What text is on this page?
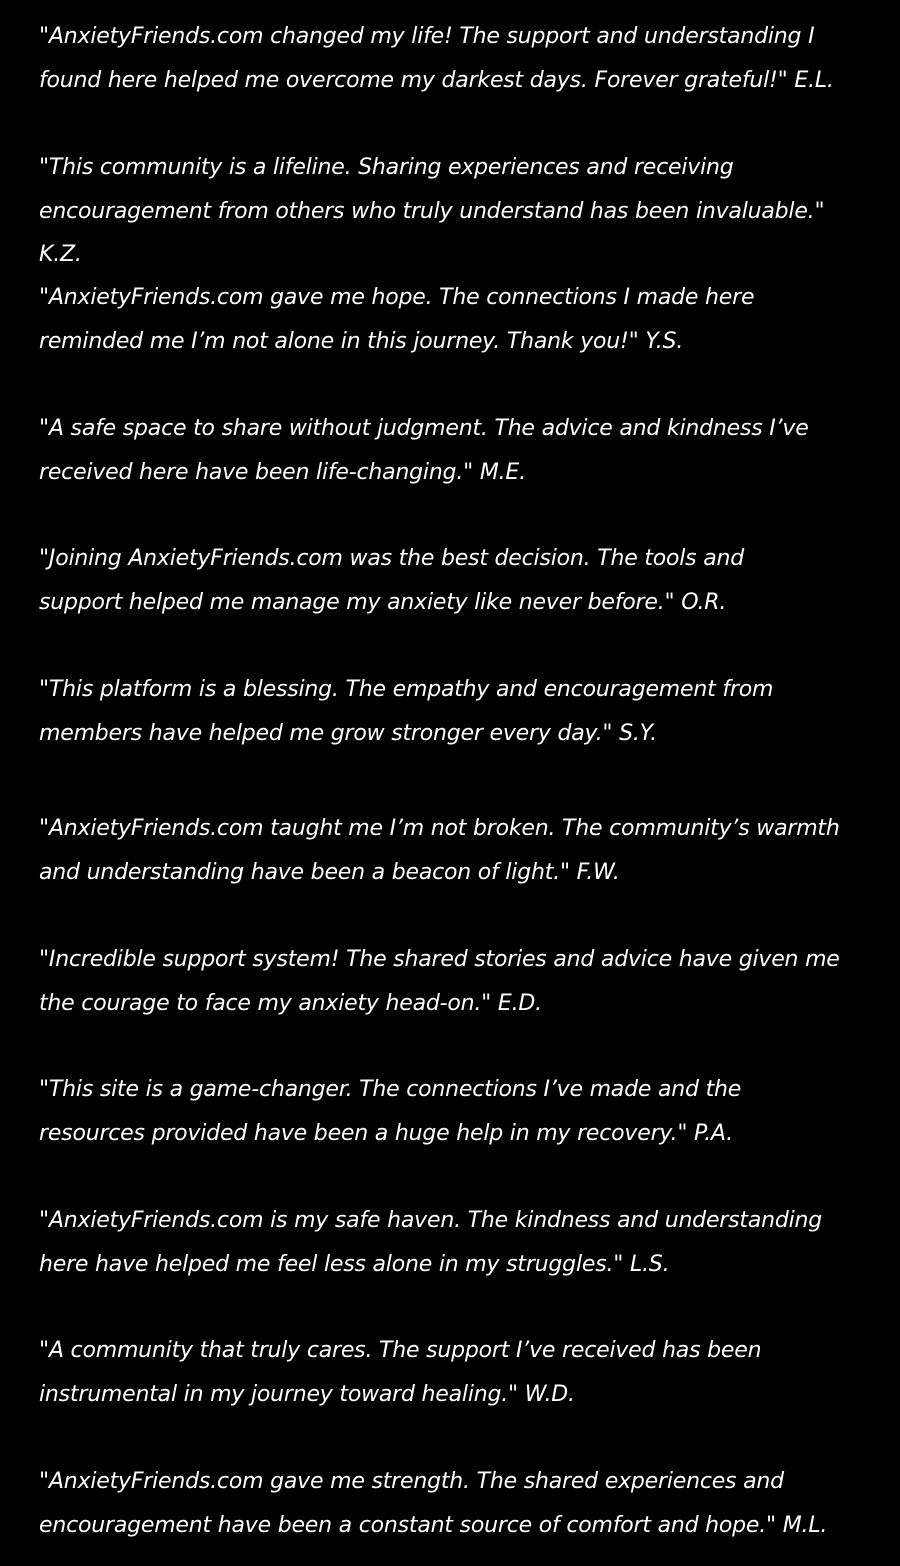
"AnxietyFriends.com changed my life! The support and understanding I
found here helped me overcome my darkest days. Forever grateful!" E.L.

"This community is a lifeline. Sharing experiences and receiving
encouragement from others who truly understand has been invaluable."
K.Z.

"AnxietyFriends.com gave me hope. The connections I made here
reminded me I’m not alone in this journey. Thank you!" Y.S.

"A safe space to share without judgment. The advice and kindness I’ve
received here have been life-changing." M.E.

"Joining AnxietyFriends.com was the best decision. The tools and
support helped me manage my anxiety like never before." O.R.

"This platform is a blessing. The empathy and encouragement from
members have helped me grow stronger every day." S.Y.

"AnxietyFriends.com taught me I’m not broken. The community’s warmth
and understanding have been a beacon of light." F.W.

"Incredible support system! The shared stories and advice have given me
the courage to face my anxiety head-on." E.D.

"This site is a game-changer. The connections I’ve made and the
resources provided have been a huge help in my recovery." P.A.

"AnxietyFriends.com is my safe haven. The kindness and understanding
here have helped me feel less alone in my struggles." L.S.

"A community that truly cares. The support I’ve received has been
instrumental in my journey toward healing." W.D.

"AnxietyFriends.com gave me strength. The shared experiences and
encouragement have been a constant source of comfort and hope." M.L.
